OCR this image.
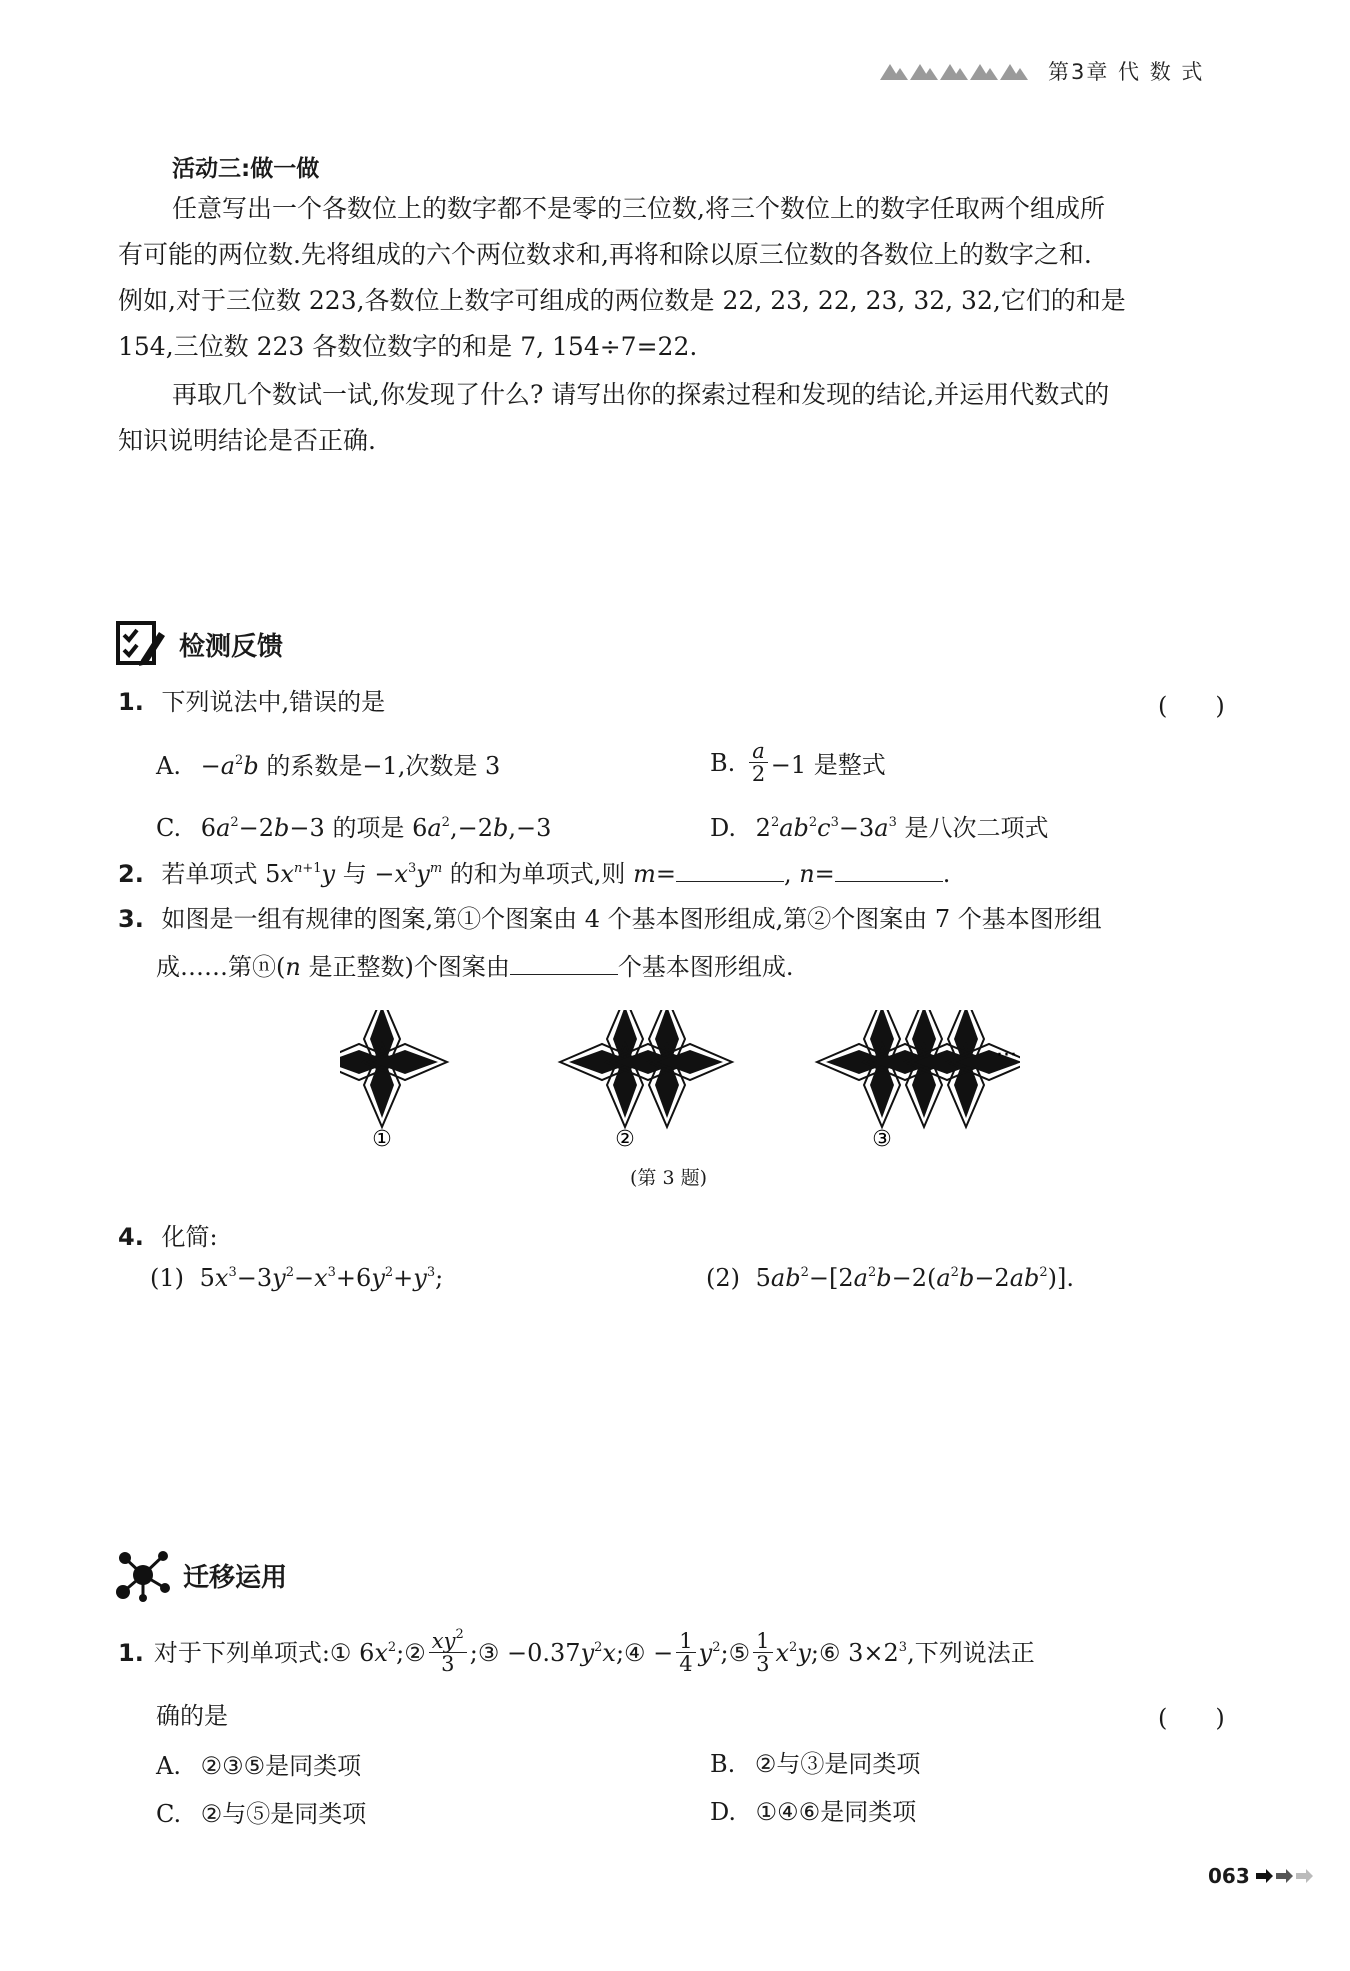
第3章 代 数 式
活动三:做一做
任意写出一个各数位上的数字都不是零的三位数,将三个数位上的数字任取两个组成所
有可能的两位数.先将组成的六个两位数求和,再将和除以原三位数的各数位上的数字之和.
例如,对于三位数 223,各数位上数字可组成的两位数是 22, 23, 22, 23, 32, 32,它们的和是
154,三位数 223 各数位数字的和是 7, 154÷7=22.
再取几个数试一试,你发现了什么? 请写出你的探索过程和发现的结论,并运用代数式的
知识说明结论是否正确.
检测反馈
1. 下列说法中,错误的是	(　　)
A. $-a^2b$ 的系数是−1,次数是 3	B. $\frac{a}{2} -1$ 是整式
C. $6a^2-2b-3$ 的项是 $6a^2,-2b,-3$	D. $2^2ab^2c^3-3a^3$ 是八次二项式
2. 若单项式 $5x^{n+1}y$ 与 $-x^3y^m$ 的和为单项式,则 m=	, n=	.
3. 如图是一组有规律的图案,第①个图案由 4 个基本图形组成,第②个图案由 7 个基本图形组
成……第ⓝ(n 是正整数)个图案由	个基本图形组成.
①	②	③
···
(第 3 题)
4. 化简:
(1) $5x^3-3y^2-x^3+6y^2+y^3$;	(2) $5ab^2-[2a^2b-2(a^2b-2ab^2)]$.
迁移运用
1. 对于下列单项式: ① $6x^2;② \frac{xy^2}{3}$ ;③ $-0.37y^2x;④ - \frac{1}{4}$ $y^2;⑤ \frac{1}{3}$ $x^2y;⑥$ $3\times 2^3$, 下列说法正
确的是	(　　)
A. ②③⑤是同类项	B. ②与③是同类项
C. ②与⑤是同类项	D. ①④⑥是同类项
063
